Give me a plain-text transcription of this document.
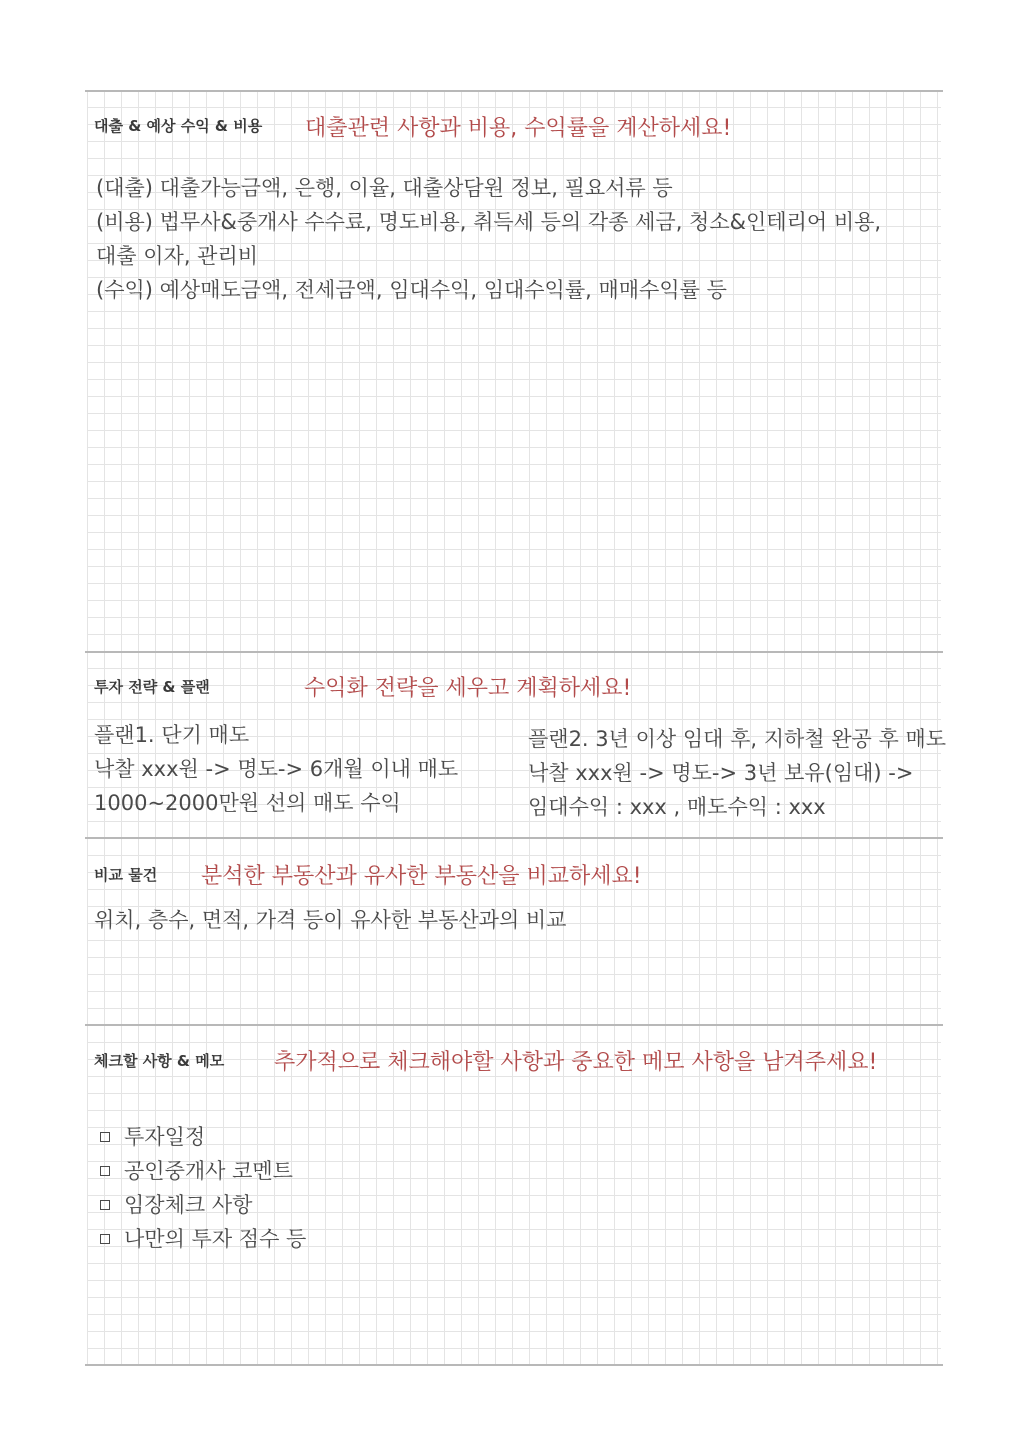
대출 & 예상 수익 & 비용 대출관련 사항과 비용, 수익률을 계산하세요!
(대출) 대출가능금액, 은행, 이율, 대출상담원 정보, 필요서류 등
(비용) 법무사&중개사 수수료, 명도비용, 취득세 등의 각종 세금, 청소&인테리어 비용,
대출 이자, 관리비
(수익) 예상매도금액, 전세금액, 임대수익, 임대수익률, 매매수익률 등
투자 전략 & 플랜	수익화 전략을 세우고 계획하세요!
플랜1. 단기 매도
낙찰 xxx원 -> 명도-> 6개월 이내 매도
1000~2000만원 선의 매도 수익
플랜2. 3년 이상 임대 후, 지하철 완공 후 매도
낙찰 xxx원 -> 명도-> 3년 보유(임대) ->
임대수익 : xxx , 매도수익 : xxx
비교 물건 분석한 부동산과 유사한 부동산을 비교하세요!
위치, 층수, 면적, 가격 등이 유사한 부동산과의 비교
체크할 사항 & 메모 추가적으로 체크해야할 사항과 중요한 메모 사항을 남겨주세요!
투자일정
공인중개사 코멘트
임장체크 사항
나만의 투자 점수 등
